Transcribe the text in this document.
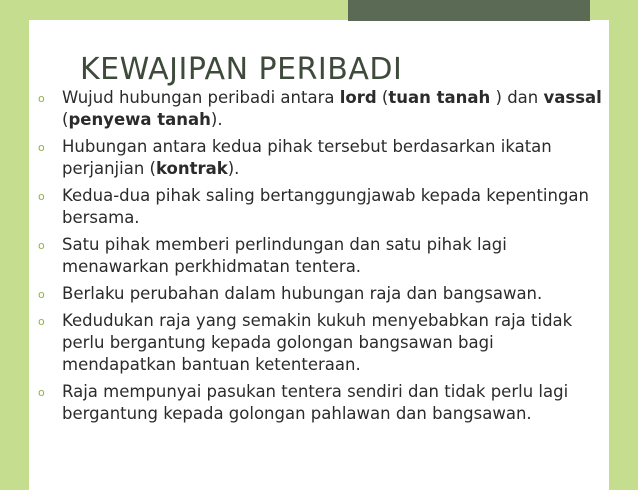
KEWAJIPAN PERIBADI
o Wujud hubungan peribadi antara lord (tuan tanah ) dan vassal (penyewa tanah).
o Hubungan antara kedua pihak tersebut berdasarkan ikatan perjanjian (kontrak).
o Kedua-dua pihak saling bertanggungjawab kepada kepentingan bersama.
o Satu pihak memberi perlindungan dan satu pihak lagi menawarkan perkhidmatan tentera.
o Berlaku perubahan dalam hubungan raja dan bangsawan.
o Kedudukan raja yang semakin kukuh menyebabkan raja tidak perlu bergantung kepada golongan bangsawan bagi mendapatkan bantuan ketenteraan.
o Raja mempunyai pasukan tentera sendiri dan tidak perlu lagi bergantung kepada golongan pahlawan dan bangsawan.
